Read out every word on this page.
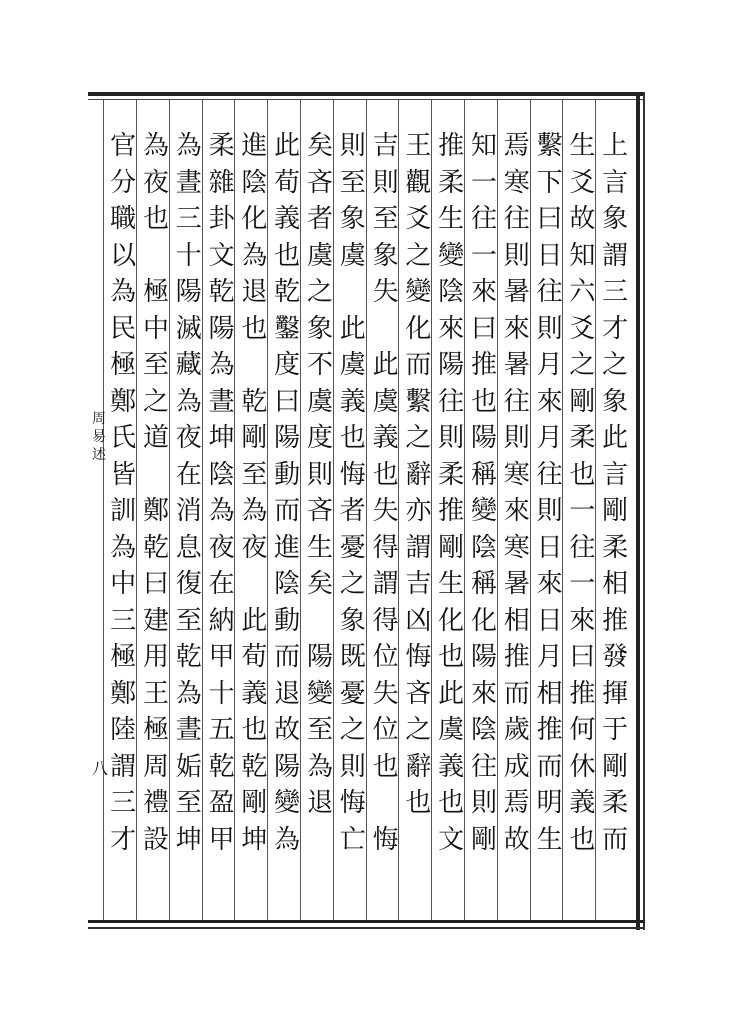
上
言
象
謂
三
才
之
象
此
言
剛
柔
相
推
發
揮
于
剛
柔
而
生
爻
故
知
六
爻
之
剛
柔
也
一
往
一
來
曰
推
何
休
義
也
繫
下
曰
日
往
則
月
來
月
往
則
日
來
日
月
相
推
而
明
生
焉
寒
往
則
暑
來
暑
往
則
寒
來
寒
暑
相
推
而
歲
成
焉
故
知
一
往
一
來
曰
推
也
陽
稱
變
陰
稱
化
陽
來
陰
往
則
剛
推
柔
生
變
陰
來
陽
往
則
柔
推
剛
生
化
也
此
虞
義
也
文
王
觀
爻
之
變
化
而
繫
之
辭
亦
謂
吉
凶
悔
吝
之
辭
也
吉
則
至
象
失
此
虞
義
也
失
得
謂
得
位
失
位
也
悔
則
至
象
虞
此
虞
義
也
悔
者
憂
之
象
既
憂
之
則
悔
亡
矣
吝
者
虞
之
象
不
虞
度
則
吝
生
矣
陽
變
至
為
退
此
荀
義
也
乾
鑿
度
曰
陽
動
而
進
陰
動
而
退
故
陽
變
為
進
陰
化
為
退
也
乾
剛
至
為
夜
此
荀
義
也
乾
剛
坤
柔
雜
卦
文
乾
陽
為
晝
坤
陰
為
夜
在
納
甲
十
五
乾
盈
甲
為
晝
三
十
陽
滅
藏
為
夜
在
消
息
復
至
乾
為
晝
姤
至
坤
為
夜
也
極
中
至
之
道
鄭
乾
曰
建
用
王
極
周
禮
設
官
分
職
以
為
民
極
鄭
氏
皆
訓
為
中
三
極
鄭
陸
謂
三
才
周
易
述
八
